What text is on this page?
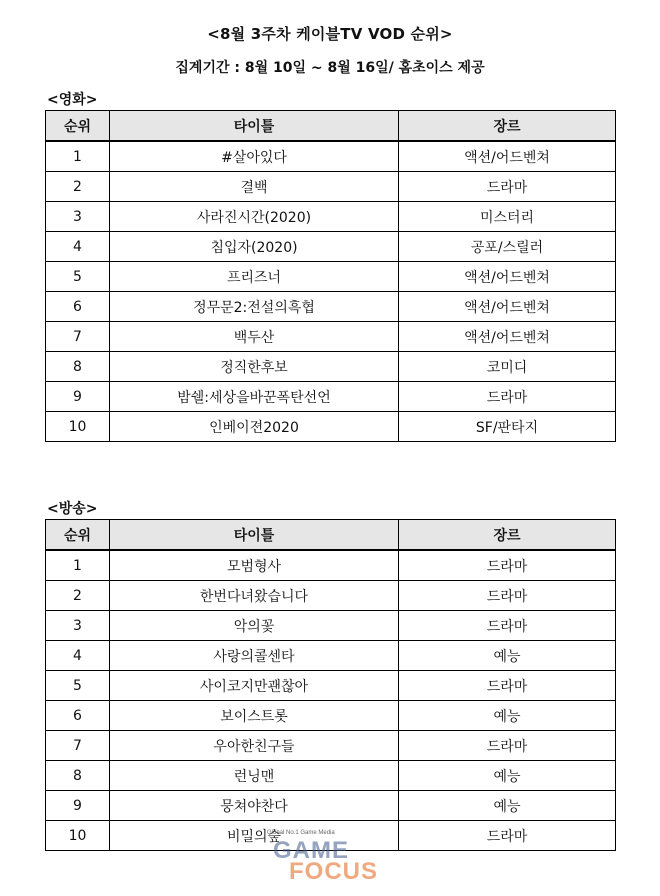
<8월 3주차 케이블TV VOD 순위>
집계기간 : 8월 10일 ~ 8월 16일/ 홈초이스 제공
<영화>
순위	타이틀	장르
1	#살아있다	액션/어드벤쳐
2	결백	드라마
3	사라진시간(2020)	미스터리
4	침입자(2020)	공포/스릴러
5	프리즈너	액션/어드벤쳐
6	정무문2:전설의흑협	액션/어드벤쳐
7	백두산	액션/어드벤쳐
8	정직한후보	코미디
9	밤쉘:세상을바꾼폭탄선언	드라마
10	인베이젼2020	SF/판타지
<방송>
순위	타이틀	장르
1	모범형사	드라마
2	한번다녀왔습니다	드라마
3	악의꽃	드라마
4	사랑의콜센타	예능
5	사이코지만괜찮아	드라마
6	보이스트롯	예능
7	우아한친구들	드라마
8	런닝맨	예능
9	뭉쳐야찬다	예능
10	비밀의숲	드라마
Global No.1 Game Media
GAME
FOCUS
